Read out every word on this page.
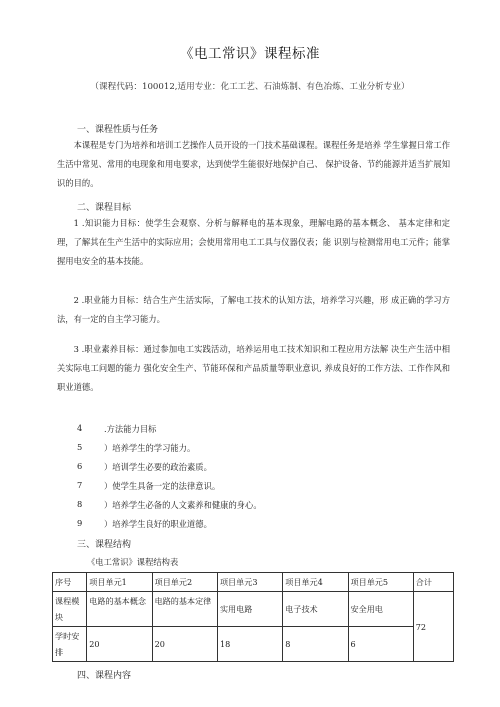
《电工常识》课程标准
（课程代码：100012,适用专业：化工工艺、石油炼制、有色冶炼、工业分析专业）
一、课程性质与任务

本课程是专门为培养和培训工艺操作人员开设的一门技术基础课程。课程任务是培养 学生掌握日常工作生活中常见、常用的电现象和用电要求，达到使学生能很好地保护自己、 保护设备、节约能源并适当扩展知识的目的。

二、课程目标

1 .知识能力目标：使学生会观察、分析与解释电的基本现象，理解电路的基本概念、 基本定律和定理，了解其在生产生活中的实际应用；会使用常用电工工具与仪器仪表；能 识别与检测常用电工元件；能掌握用电安全的基本技能。

2 .职业能力目标：结合生产生活实际，了解电工技术的认知方法，培养学习兴趣，形 成正确的学习方法，有一定的自主学习能力。

3 .职业素养目标：通过参加电工实践活动，培养运用电工技术知识和工程应用方法解 决生产生活中相关实际电工问题的能力 强化安全生产、节能环保和产品质量等职业意识, 养成良好的工作方法、工作作风和职业道德。

4	.方法能力目标
5	）培养学生的学习能力。
6	）培训学生必要的政治素质。
7	）使学生具备一定的法律意识。
8	）培养学生必备的人文素养和健康的身心。
9	）培养学生良好的职业道德。
三、课程结构
《电工常识》课程结构表
序号	项目单元1	项目单元2	项目单元3	项目单元4	项目单元5	合计
课程模块	电路的基本概念	电路的基本定律	实用电路	电子技术	安全用电	72
学时安排	20	20	18	8	6	
四、课程内容
